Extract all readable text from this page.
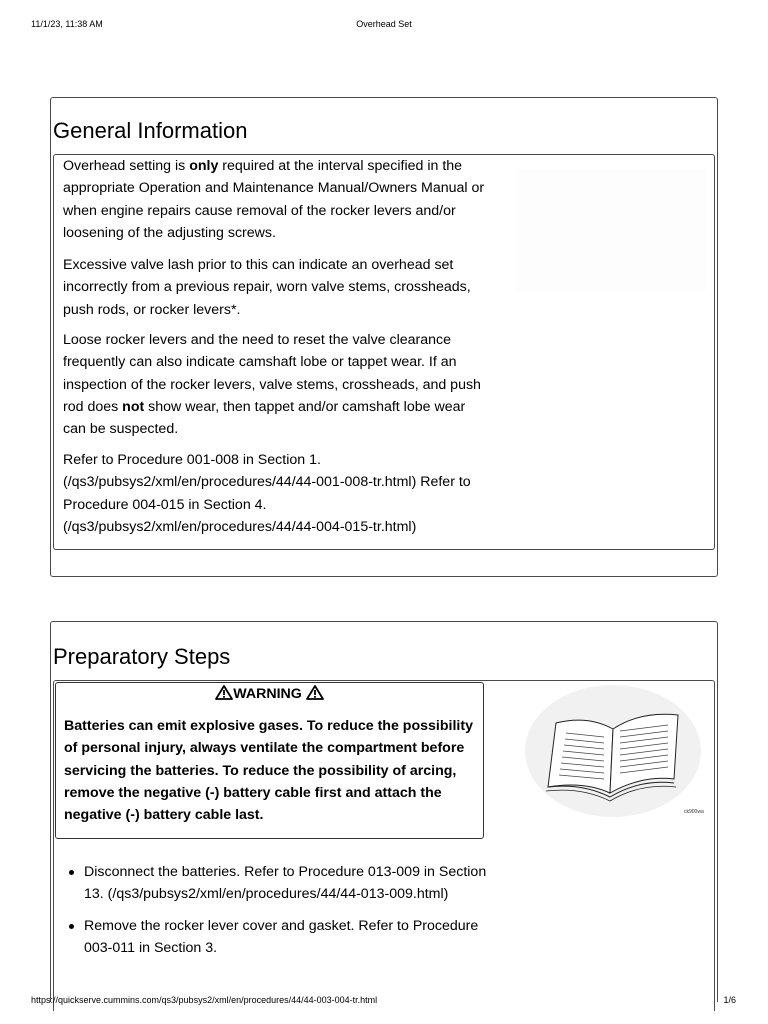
11/1/23, 11:38 AM	Overhead Set
General Information

Overhead setting is only required at the interval specified in the appropriate Operation and Maintenance Manual/Owners Manual or when engine repairs cause removal of the rocker levers and/or loosening of the adjusting screws.

Excessive valve lash prior to this can indicate an overhead set incorrectly from a previous repair, worn valve stems, crossheads, push rods, or rocker levers*.

Loose rocker levers and the need to reset the valve clearance frequently can also indicate camshaft lobe or tappet wear. If an inspection of the rocker levers, valve stems, crossheads, and push rod does not show wear, then tappet and/or camshaft lobe wear can be suspected.

Refer to Procedure 001-008 in Section 1. (/qs3/pubsys2/xml/en/procedures/44/44-001-008-tr.html) Refer to Procedure 004-015 in Section 4. (/qs3/pubsys2/xml/en/procedures/44/44-004-015-tr.html)

Preparatory Steps
WARNING
Batteries can emit explosive gases. To reduce the possibility of personal injury, always ventilate the compartment before servicing the batteries. To reduce the possibility of arcing, remove the negative (-) battery cable first and attach the negative (-) battery cable last.	ck900wa
Disconnect the batteries. Refer to Procedure 013-009 in Section 13. (/qs3/pubsys2/xml/en/procedures/44/44-013-009.html)
Remove the rocker lever cover and gasket. Refer to Procedure 003-011 in Section 3.
https://quickserve.cummins.com/qs3/pubsys2/xml/en/procedures/44/44-003-004-tr.html	1/6
